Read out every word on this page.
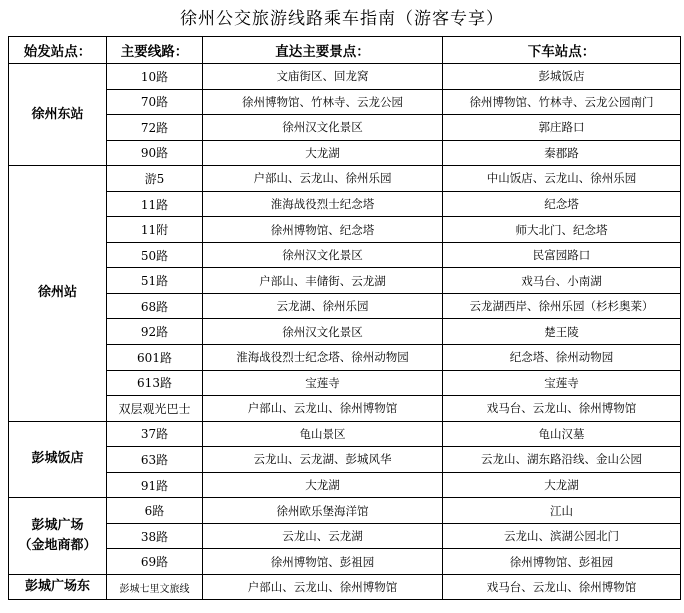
徐州公交旅游线路乘车指南（游客专享）
始发站点：	主要线路：	直达主要景点：	下车站点：
徐州东站	10路	文庙街区、回龙窝	彭城饭店
	70路	徐州博物馆、竹林寺、云龙公园	徐州博物馆、竹林寺、云龙公园南门
	72路	徐州汉文化景区	郭庄路口
	90路	大龙湖	秦郡路
徐州站	游5	户部山、云龙山、徐州乐园	中山饭店、云龙山、徐州乐园
	11路	淮海战役烈士纪念塔	纪念塔
	11附	徐州博物馆、纪念塔	师大北门、纪念塔
	50路	徐州汉文化景区	民富园路口
	51路	户部山、丰储街、云龙湖	戏马台、小南湖
	68路	云龙湖、徐州乐园	云龙湖西岸、徐州乐园（杉杉奥莱）
	92路	徐州汉文化景区	楚王陵
	601路	淮海战役烈士纪念塔、徐州动物园	纪念塔、徐州动物园
	613路	宝莲寺	宝莲寺
	双层观光巴士	户部山、云龙山、徐州博物馆	戏马台、云龙山、徐州博物馆
彭城饭店	37路	龟山景区	龟山汉墓
	63路	云龙山、云龙湖、彭城风华	云龙山、湖东路沿线、金山公园
	91路	大龙湖	大龙湖

彭城广场
（金地商都）	6路	徐州欧乐堡海洋馆	江山
	38路	云龙山、云龙湖	云龙山、滨湖公园北门
	69路	徐州博物馆、彭祖园	徐州博物馆、彭祖园
彭城广场东	彭城七里文旅线	户部山、云龙山、徐州博物馆	戏马台、云龙山、徐州博物馆
